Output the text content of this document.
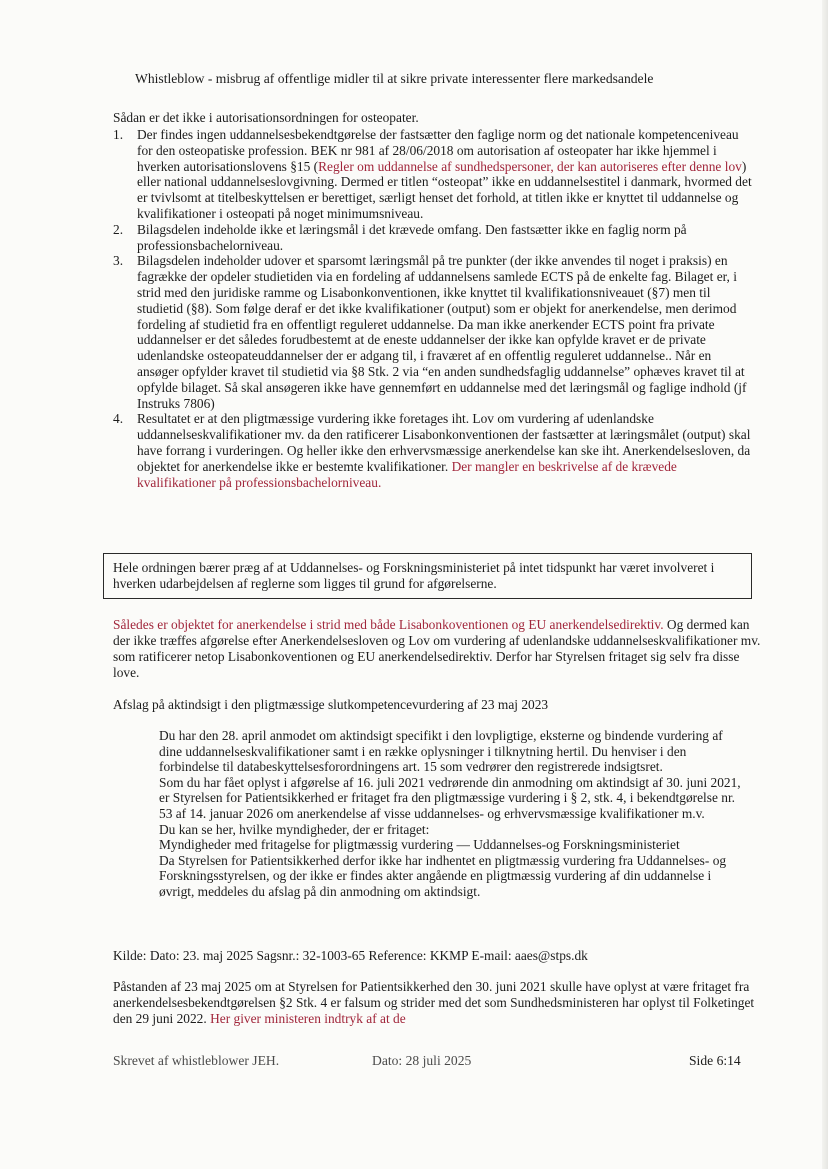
Whistleblow - misbrug af offentlige midler til at sikre private interessenter flere markedsandele
Sådan er det ikke i autorisationsordningen for osteopater.
1. Der findes ingen uddannelsesbekendtgørelse der fastsætter den faglige norm og det nationale kompetenceniveau for den osteopatiske profession. BEK nr 981 af 28/06/2018 om autorisation af osteopater har ikke hjemmel i hverken autorisationslovens §15 (Regler om uddannelse af sundhedspersoner, der kan autoriseres efter denne lov) eller national uddannelseslovgivning. Dermed er titlen “osteopat” ikke en uddannelsestitel i danmark, hvormed det er tvivlsomt at titelbeskyttelsen er berettiget, særligt henset det forhold, at titlen ikke er knyttet til uddannelse og kvalifikationer i osteopati på noget minimumsniveau.
2. Bilagsdelen indeholde ikke et læringsmål i det krævede omfang. Den fastsætter ikke en faglig norm på professionsbachelorniveau.
3. Bilagsdelen indeholder udover et sparsomt læringsmål på tre punkter (der ikke anvendes til noget i praksis) en fagrække der opdeler studietiden via en fordeling af uddannelsens samlede ECTS på de enkelte fag. Bilaget er, i strid med den juridiske ramme og Lisabonkonventionen, ikke knyttet til kvalifikationsniveauet (§7) men til studietid (§8). Som følge deraf er det ikke kvalifikationer (output) som er objekt for anerkendelse, men derimod fordeling af studietid fra en offentligt reguleret uddannelse. Da man ikke anerkender ECTS point fra private uddannelser er det således forudbestemt at de eneste uddannelser der ikke kan opfylde kravet er de private udenlandske osteopateuddannelser der er adgang til, i fraværet af en offentlig reguleret uddannelse.. Når en ansøger opfylder kravet til studietid via §8 Stk. 2 via “en anden sundhedsfaglig uddannelse” ophæves kravet til at opfylde bilaget. Så skal ansøgeren ikke have gennemført en uddannelse med det læringsmål og faglige indhold (jf Instruks 7806)
4. Resultatet er at den pligtmæssige vurdering ikke foretages iht. Lov om vurdering af udenlandske uddannelseskvalifikationer mv. da den ratificerer Lisabonkonventionen der fastsætter at læringsmålet (output) skal have forrang i vurderingen. Og heller ikke den erhvervsmæssige anerkendelse kan ske iht. Anerkendelsesloven, da objektet for anerkendelse ikke er bestemte kvalifikationer. Der mangler en beskrivelse af de krævede kvalifikationer på professionsbachelorniveau.
Hele ordningen bærer præg af at Uddannelses- og Forskningsministeriet på intet tidspunkt har været involveret i hverken udarbejdelsen af reglerne som ligges til grund for afgørelserne.
Således er objektet for anerkendelse i strid med både Lisabonkoventionen og EU anerkendelsedirektiv. Og dermed kan der ikke træffes afgørelse efter Anerkendelsesloven og Lov om vurdering af udenlandske uddannelseskvalifikationer mv. som ratificerer netop Lisabonkoventionen og EU anerkendelsedirektiv. Derfor har Styrelsen fritaget sig selv fra disse love.
Afslag på aktindsigt i den pligtmæssige slutkompetencevurdering af 23 maj 2023

Du har den 28. april anmodet om aktindsigt specifikt i den lovpligtige, eksterne og bindende vurdering af dine uddannelseskvalifikationer samt i en række oplysninger i tilknytning hertil. Du henviser i den forbindelse til databeskyttelsesforordningens art. 15 som vedrører den registrerede indsigtsret.

Som du har fået oplyst i afgørelse af 16. juli 2021 vedrørende din anmodning om aktindsigt af 30. juni 2021, er Styrelsen for Patientsikkerhed er fritaget fra den pligtmæssige vurdering i § 2, stk. 4, i bekendtgørelse nr. 53 af 14. januar 2026 om anerkendelse af visse uddannelses- og erhvervsmæssige kvalifikationer m.v.

Du kan se her, hvilke myndigheder, der er fritaget:

Myndigheder med fritagelse for pligtmæssig vurdering — Uddannelses-og Forskningsministeriet

Da Styrelsen for Patientsikkerhed derfor ikke har indhentet en pligtmæssig vurdering fra Uddannelses- og Forskningsstyrelsen, og der ikke er findes akter angående en pligtmæssig vurdering af din uddannelse i øvrigt, meddeles du afslag på din anmodning om aktindsigt.

Kilde: Dato: 23. maj 2025 Sagsnr.: 32-1003-65 Reference: KKMP E-mail: aaes@stps.dk
Påstanden af 23 maj 2025 om at Styrelsen for Patientsikkerhed den 30. juni 2021 skulle have oplyst at være fritaget fra anerkendelsesbekendtgørelsen §2 Stk. 4 er falsum og strider med det som Sundhedsministeren har oplyst til Folketinget den 29 juni 2022. Her giver ministeren indtryk af at de
Skrevet af whistleblower JEH.	Dato: 28 juli 2025	Side 6:14
